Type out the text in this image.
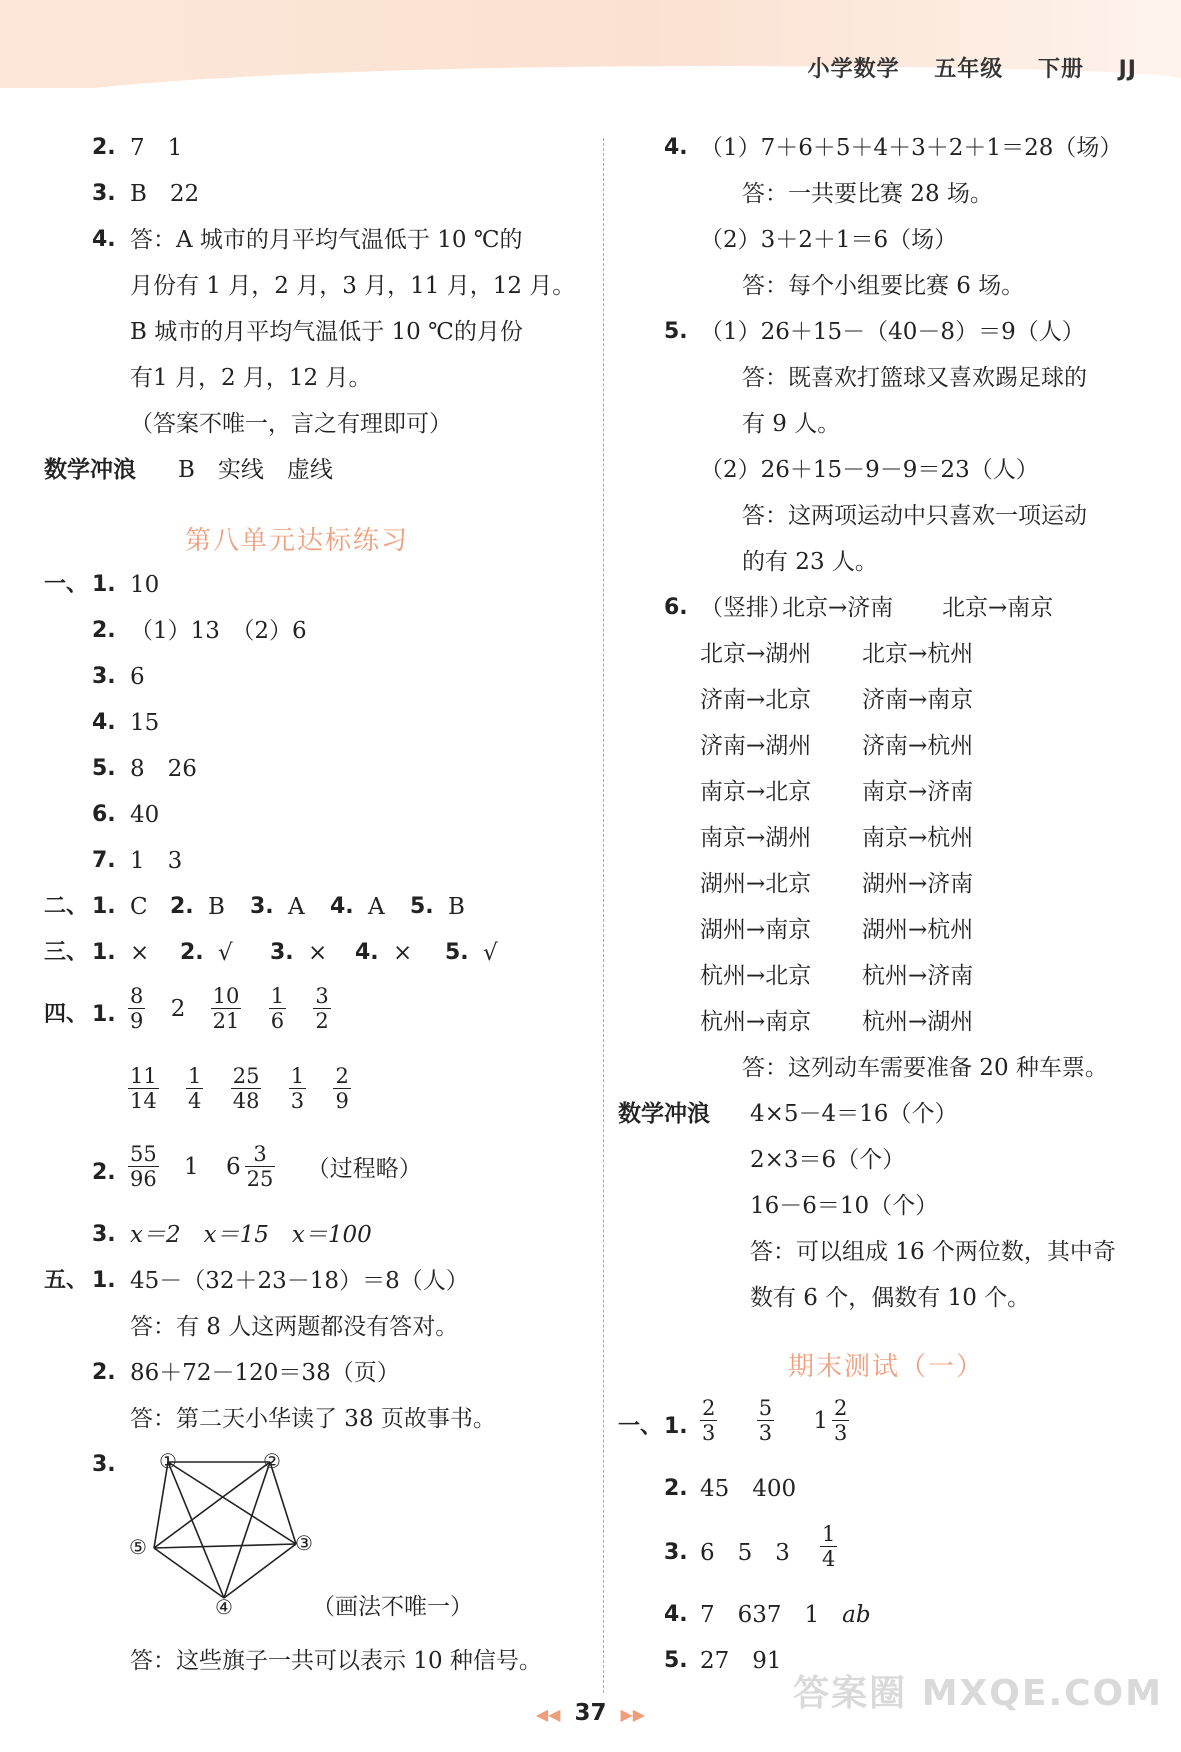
小学数学 五年级 下册 JJ
2. 7　1
3. B　22
4. 答：A 城市的月平均气温低于 10 ℃的
月份有 1 月，2 月，3 月，11 月，12 月。
B 城市的月平均气温低于 10 ℃的月份
有1 月，2 月，12 月。
（答案不唯一，言之有理即可）
数学冲浪 B　实线　虚线
第八单元达标练习
一、 1. 10
2. （1）13　（2）6
3. 6
4. 15
5. 8　26
6. 40
7. 1　3
二、 1. C 2. B 3. A 4. A 5. B
三、 1. × 2. √ 3. × 4. × 5. √
四、 1. $\frac{8}{9} 2 \frac{10}{21}$
$\frac{1}{6}$
$\frac{3}{2}$
$\frac{11}{14}$
$\frac{1}{4}$
$\frac{25}{48}$
$\frac{1}{3}$
$\frac{2}{9}$
2. $\frac{55}{96} 1$ $6 \frac{3}{25}$ （过程略）
3. x＝2　x＝15　x＝100
五、 1. 45－（32＋23－18）＝8（人）
答：有 8 人这两题都没有答对。
2. 86＋72－120＝38（页）
答：第二天小华读了 38 页故事书。
3. ①	②
③
④
⑤
（画法不唯一）
答：这些旗子一共可以表示 10 种信号。
4. （1）7＋6＋5＋4＋3＋2＋1＝28（场）
答：一共要比赛 28 场。
（2）3＋2＋1＝6（场）
答：每个小组要比赛 6 场。
5. （1）26＋15－（40－8）＝9（人）
答：既喜欢打篮球又喜欢踢足球的
有 9 人。
（2）26＋15－9－9＝23（人）
答：这两项运动中只喜欢一项运动
的有 23 人。
6. （竖排）
北京→济南 北京→南京
北京→湖州 北京→杭州
济南→北京 济南→南京
济南→湖州 济南→杭州
南京→北京 南京→济南
南京→湖州 南京→杭州
湖州→北京 湖州→济南
湖州→南京 湖州→杭州
杭州→北京 杭州→济南
杭州→南京 杭州→湖州
答：这列动车需要准备 20 种车票。
数学冲浪 4×5－4＝16（个）
2×3＝6（个）
16－6＝10（个）
答：可以组成 16 个两位数，其中奇
数有 6 个，偶数有 10 个。
期末测试（一）
一、 1. $\frac{2}{3}$
$\frac{5}{3} 1 \frac{2}{3}$
2. 45　400
3. 6　5　$3 \frac{1}{4}$
4. 7　637　1　ab
5. 27　91
◀◀ 37 ▶▶
答案圈 MXQE.COM
